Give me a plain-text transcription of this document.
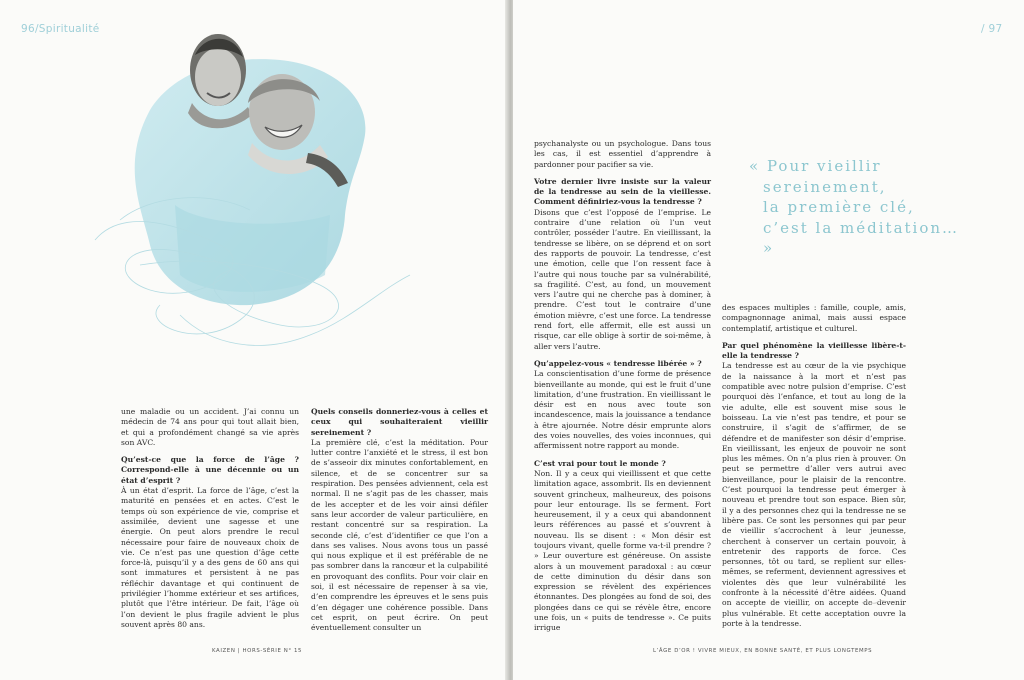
96/Spiritualité

une maladie ou un accident. J’ai connu un médecin de 74 ans pour qui tout allait bien, et qui a profondément changé sa vie après son AVC.

Qu’est-ce que la force de l’âge ? Correspond-elle à une décennie ou un état d’esprit ?

À un état d’esprit. La force de l’âge, c’est la maturité en pensées et en actes. C’est le temps où son expérience de vie, comprise et assimilée, devient une sagesse et une énergie. On peut alors prendre le recul nécessaire pour faire de nouveaux choix de vie. Ce n’est pas une question d’âge cette force-là, puisqu’il y a des gens de 60 ans qui sont immatures et persistent à ne pas réfléchir davantage et qui continuent de privilégier l’homme extérieur et ses artifices, plutôt que l’être intérieur. De fait, l’âge où l’on devient le plus fragile advient le plus souvent après 80 ans.

Quels conseils donneriez-vous à celles et ceux qui souhaiteraient vieillir sereinement ?

La première clé, c’est la méditation. Pour lutter contre l’anxiété et le stress, il est bon de s’asseoir dix minutes confortablement, en silence, et de se concentrer sur sa respiration. Des pensées adviennent, cela est normal. Il ne s’agit pas de les chasser, mais de les accepter et de les voir ainsi défiler sans leur accorder de valeur particulière, en restant concentré sur sa respiration. La seconde clé, c’est d’identifier ce que l’on a dans ses valises. Nous avons tous un passé qui nous explique et il est préférable de ne pas sombrer dans la rancœur et la culpabilité en provoquant des conflits. Pour voir clair en soi, il est nécessaire de repenser à sa vie, d’en comprendre les épreuves et le sens puis d’en dégager une cohérence possible. Dans cet esprit, on peut écrire. On peut éventuellement consulter un

KAIZEN | HORS-SÉRIE N° 15
/ 97

psychanalyste ou un psychologue. Dans tous les cas, il est essentiel d’apprendre à pardonner pour pacifier sa vie.

Votre dernier livre insiste sur la valeur de la tendresse au sein de la vieillesse. Comment définiriez-vous la tendresse ?

Disons que c’est l’opposé de l’emprise. Le contraire d’une relation où l’un veut contrôler, posséder l’autre. En vieillissant, la tendresse se libère, on se déprend et on sort des rapports de pouvoir. La tendresse, c’est une émotion, celle que l’on ressent face à l’autre qui nous touche par sa vulnérabilité, sa fragilité. C’est, au fond, un mouvement vers l’autre qui ne cherche pas à dominer, à prendre. C’est tout le contraire d’une émotion mièvre, c’est une force. La tendresse rend fort, elle affermit, elle est aussi un risque, car elle oblige à sortir de soi-même, à aller vers l’autre.

Qu’appelez-vous « tendresse libérée » ?

La conscientisation d’une forme de présence bienveillante au monde, qui est le fruit d’une limitation, d’une frustration. En vieillissant le désir est en nous avec toute son incandescence, mais la jouissance a tendance à être ajournée. Notre désir emprunte alors des voies nouvelles, des voies inconnues, qui affermissent notre rapport au monde.

C’est vrai pour tout le monde ?

Non. Il y a ceux qui vieillissent et que cette limitation agace, assombrit. Ils en deviennent souvent grincheux, malheureux, des poisons pour leur entourage. Ils se ferment. Fort heureusement, il y a ceux qui abandonnent leurs références au passé et s’ouvrent à nouveau. Ils se disent : « Mon désir est toujours vivant, quelle forme va-t-il prendre ? » Leur ouverture est généreuse. On assiste alors à un mouvement paradoxal : au cœur de cette diminution du désir dans son expression se révèlent des expériences étonnantes. Des plongées au fond de soi, des plongées dans ce qui se révèle être, encore une fois, un « puits de tendresse ». Ce puits irrigue

des espaces multiples : famille, couple, amis, compagnonnage animal, mais aussi espace contemplatif, artistique et culturel.

Par quel phénomène la vieillesse libère-t-elle la tendresse ?

La tendresse est au cœur de la vie psychique de la naissance à la mort et n’est pas compatible avec notre pulsion d’emprise. C’est pourquoi dès l’enfance, et tout au long de la vie adulte, elle est souvent mise sous le boisseau. La vie n’est pas tendre, et pour se construire, il s’agit de s’affirmer, de se défendre et de manifester son désir d’emprise. En vieillissant, les enjeux de pouvoir ne sont plus les mêmes. On n’a plus rien à prouver. On peut se permettre d’aller vers autrui avec bienveillance, pour le plaisir de la rencontre. C’est pourquoi la tendresse peut émerger à nouveau et prendre tout son espace. Bien sûr, il y a des personnes chez qui la tendresse ne se libère pas. Ce sont les personnes qui par peur de vieillir s’accrochent à leur jeunesse, cherchent à conserver un certain pouvoir, à entretenir des rapports de force. Ces personnes, tôt ou tard, se replient sur elles-mêmes, se referment, deviennent agressives et violentes dès que leur vulnérabilité les confronte à la nécessité d’être aidées. Quand on accepte de vieillir, on accepte de devenir plus vulnérable. Et cette acceptation ouvre la porte à la tendresse.

L’ÂGE D’OR ! VIVRE MIEUX, EN BONNE SANTÉ, ET PLUS LONGTEMPS
« Pour vieillir
sereinement,
la première clé,
c’est la méditation… »
